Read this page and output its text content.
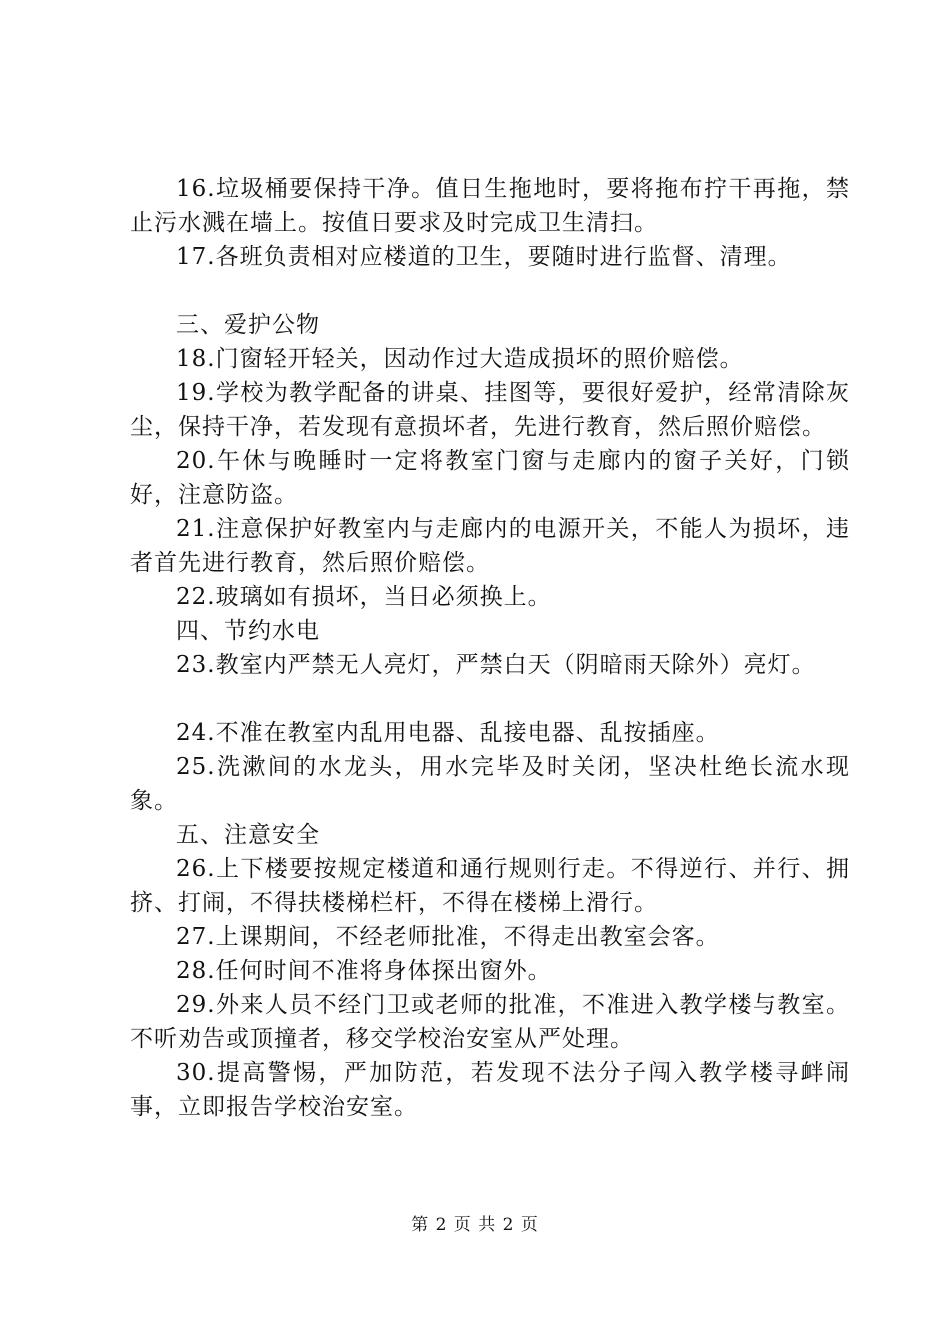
16.垃圾桶要保持干净。值日生拖地时，要将拖布拧干再拖，禁止污水溅在墙上。按值日要求及时完成卫生清扫。

17.各班负责相对应楼道的卫生，要随时进行监督、清理。

三、爱护公物

18.门窗轻开轻关，因动作过大造成损坏的照价赔偿。

19.学校为教学配备的讲桌、挂图等，要很好爱护，经常清除灰尘，保持干净，若发现有意损坏者，先进行教育，然后照价赔偿。

20.午休与晚睡时一定将教室门窗与走廊内的窗子关好，门锁好，注意防盗。

21.注意保护好教室内与走廊内的电源开关，不能人为损坏，违者首先进行教育，然后照价赔偿。

22.玻璃如有损坏，当日必须换上。

四、节约水电

23.教室内严禁无人亮灯，严禁白天（阴暗雨天除外）亮灯。

24.不准在教室内乱用电器、乱接电器、乱按插座。

25.洗漱间的水龙头，用水完毕及时关闭，坚决杜绝长流水现象。

五、注意安全

26.上下楼要按规定楼道和通行规则行走。不得逆行、并行、拥挤、打闹，不得扶楼梯栏杆，不得在楼梯上滑行。

27.上课期间，不经老师批准，不得走出教室会客。

28.任何时间不准将身体探出窗外。

29.外来人员不经门卫或老师的批准，不准进入教学楼与教室。不听劝告或顶撞者，移交学校治安室从严处理。

30.提高警惕，严加防范，若发现不法分子闯入教学楼寻衅闹事，立即报告学校治安室。

第 2 页 共 2 页
